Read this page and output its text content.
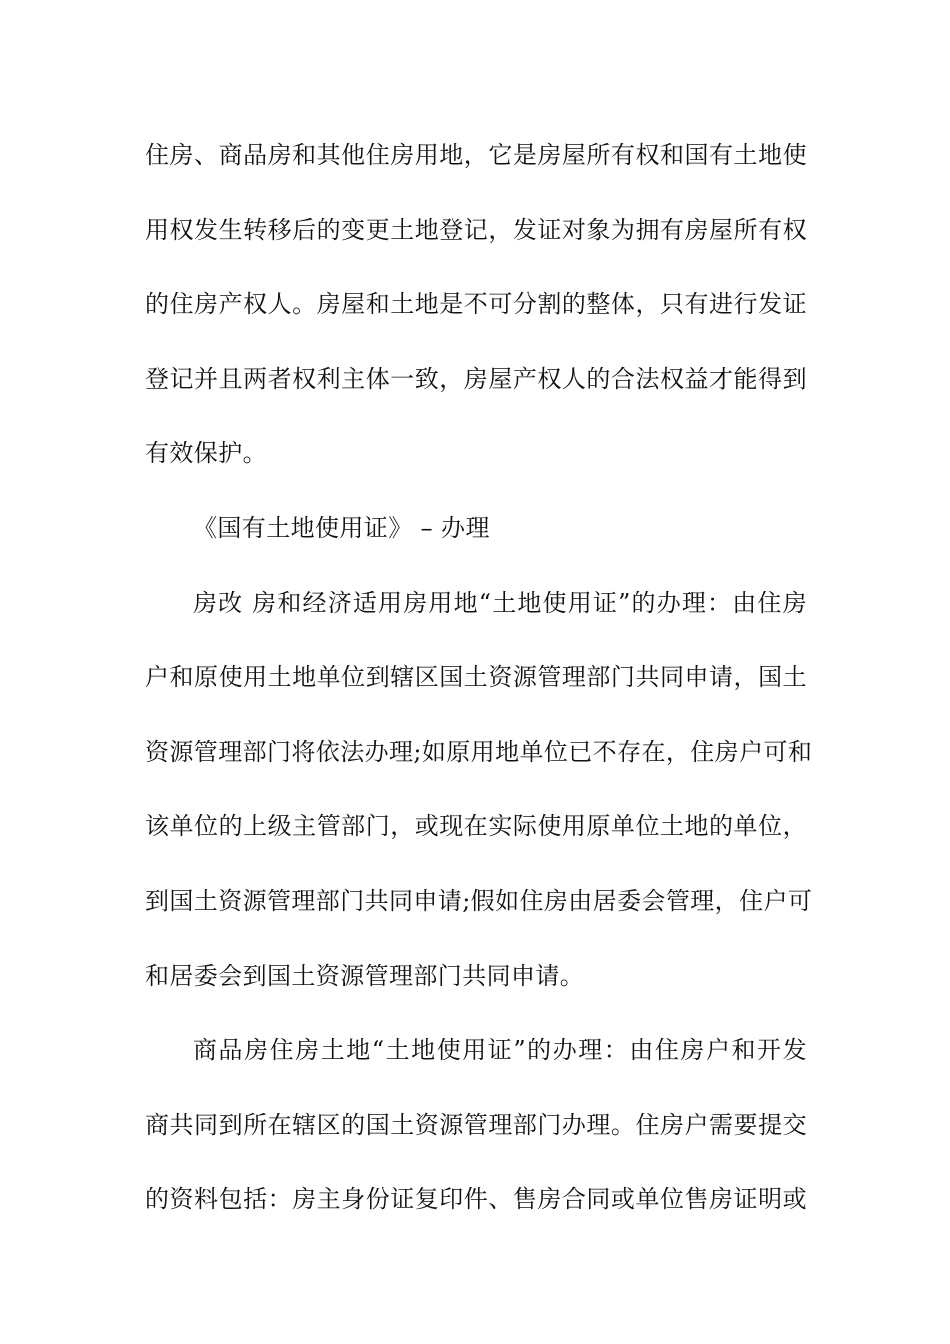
住房、商品房和其他住房用地，它是房屋所有权和国有土地使
用权发生转移后的变更土地登记，发证对象为拥有房屋所有权
的住房产权人。房屋和土地是不可分割的整体，只有进行发证
登记并且两者权利主体一致，房屋产权人的合法权益才能得到
有效保护。
《国有土地使用证》 – 办理
房改 房和经济适用房用地“土地使用证”的办理：由住房
户和原使用土地单位到辖区国土资源管理部门共同申请，国土
资源管理部门将依法办理;如原用地单位已不存在，住房户可和
该单位的上级主管部门，或现在实际使用原单位土地的单位，
到国土资源管理部门共同申请;假如住房由居委会管理，住户可
和居委会到国土资源管理部门共同申请。
商品房住房土地“土地使用证”的办理：由住房户和开发
商共同到所在辖区的国土资源管理部门办理。住房户需要提交
的资料包括：房主身份证复印件、售房合同或单位售房证明或
